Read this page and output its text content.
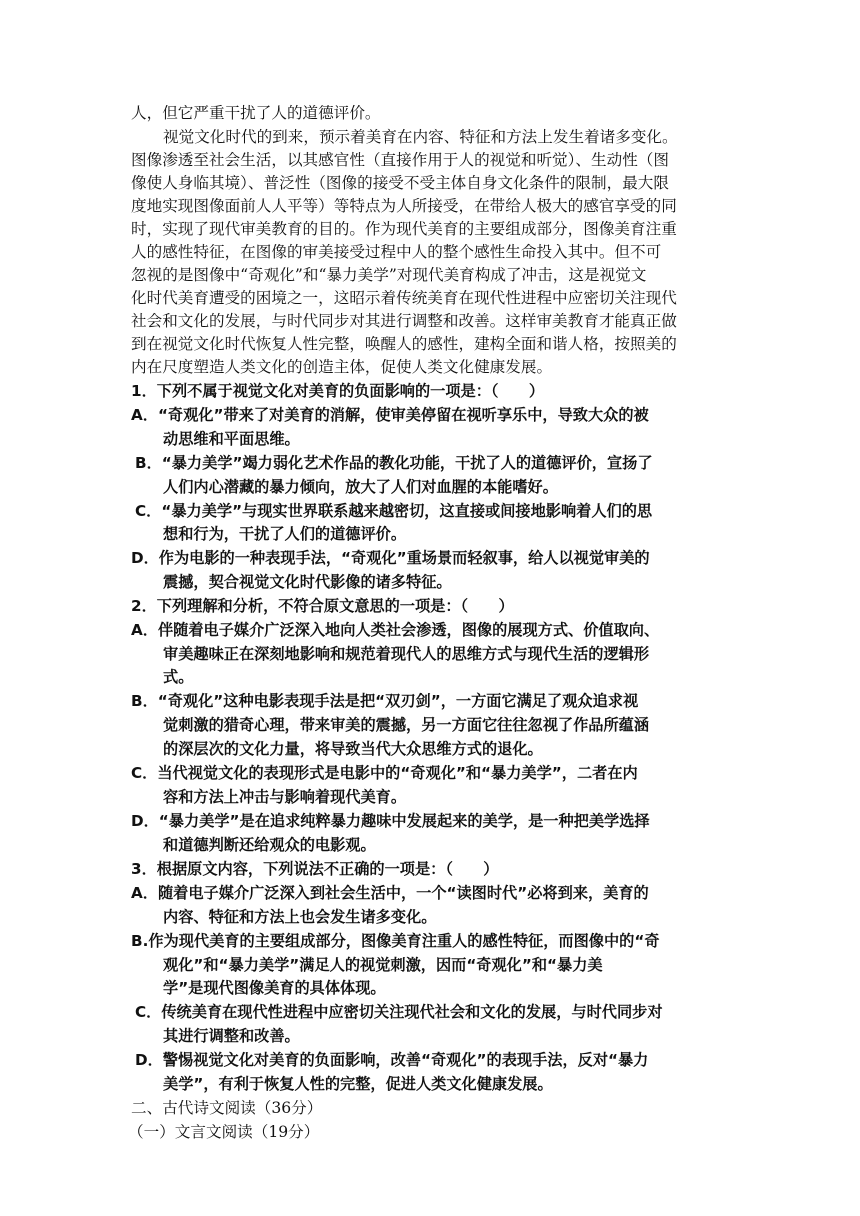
人，但它严重干扰了人的道德评价。
视觉文化时代的到来，预示着美育在内容、特征和方法上发生着诸多变化。
图像渗透至社会生活，以其感官性（直接作用于人的视觉和听觉）、生动性（图
像使人身临其境）、普泛性（图像的接受不受主体自身文化条件的限制，最大限
度地实现图像面前人人平等）等特点为人所接受，在带给人极大的感官享受的同
时，实现了现代审美教育的目的。作为现代美育的主要组成部分，图像美育注重
人的感性特征，在图像的审美接受过程中人的整个感性生命投入其中。但不可
忽视的是图像中“奇观化”和“暴力美学”对现代美育构成了冲击，这是视觉文
化时代美育遭受的困境之一，这昭示着传统美育在现代性进程中应密切关注现代
社会和文化的发展，与时代同步对其进行调整和改善。这样审美教育才能真正做
到在视觉文化时代恢复人性完整，唤醒人的感性，建构全面和谐人格，按照美的
内在尺度塑造人类文化的创造主体，促使人类文化健康发展。
1．下列不属于视觉文化对美育的负面影响的一项是：（　　）
A．“奇观化”带来了对美育的消解，使审美停留在视听享乐中，导致大众的被
动思维和平面思维。
B．“暴力美学”竭力弱化艺术作品的教化功能，干扰了人的道德评价，宣扬了
人们内心潜藏的暴力倾向，放大了人们对血腥的本能嗜好。
C．“暴力美学”与现实世界联系越来越密切，这直接或间接地影响着人们的思
想和行为，干扰了人们的道德评价。
D．作为电影的一种表现手法，“奇观化”重场景而轻叙事，给人以视觉审美的
震撼，契合视觉文化时代影像的诸多特征。
2．下列理解和分析，不符合原文意思的一项是：（　　）
A．伴随着电子媒介广泛深入地向人类社会渗透，图像的展现方式、价值取向、
审美趣味正在深刻地影响和规范着现代人的思维方式与现代生活的逻辑形
式。
B．“奇观化”这种电影表现手法是把“双刃剑”，一方面它满足了观众追求视
觉刺激的猎奇心理，带来审美的震撼，另一方面它往往忽视了作品所蕴涵
的深层次的文化力量，将导致当代大众思维方式的退化。
C．当代视觉文化的表现形式是电影中的“奇观化”和“暴力美学”，二者在内
容和方法上冲击与影响着现代美育。
D．“暴力美学”是在追求纯粹暴力趣味中发展起来的美学，是一种把美学选择
和道德判断还给观众的电影观。
3．根据原文内容，下列说法不正确的一项是：（　　）
A．随着电子媒介广泛深入到社会生活中，一个“读图时代”必将到来，美育的
内容、特征和方法上也会发生诸多变化。
B.作为现代美育的主要组成部分，图像美育注重人的感性特征，而图像中的“奇
观化”和“暴力美学”满足人的视觉刺激，因而“奇观化”和“暴力美
学”是现代图像美育的具体体现。
C．传统美育在现代性进程中应密切关注现代社会和文化的发展，与时代同步对
其进行调整和改善。
D．警惕视觉文化对美育的负面影响，改善“奇观化”的表现手法，反对“暴力
美学”，有利于恢复人性的完整，促进人类文化健康发展。
二、古代诗文阅读（36分）
（一）文言文阅读（19分）
